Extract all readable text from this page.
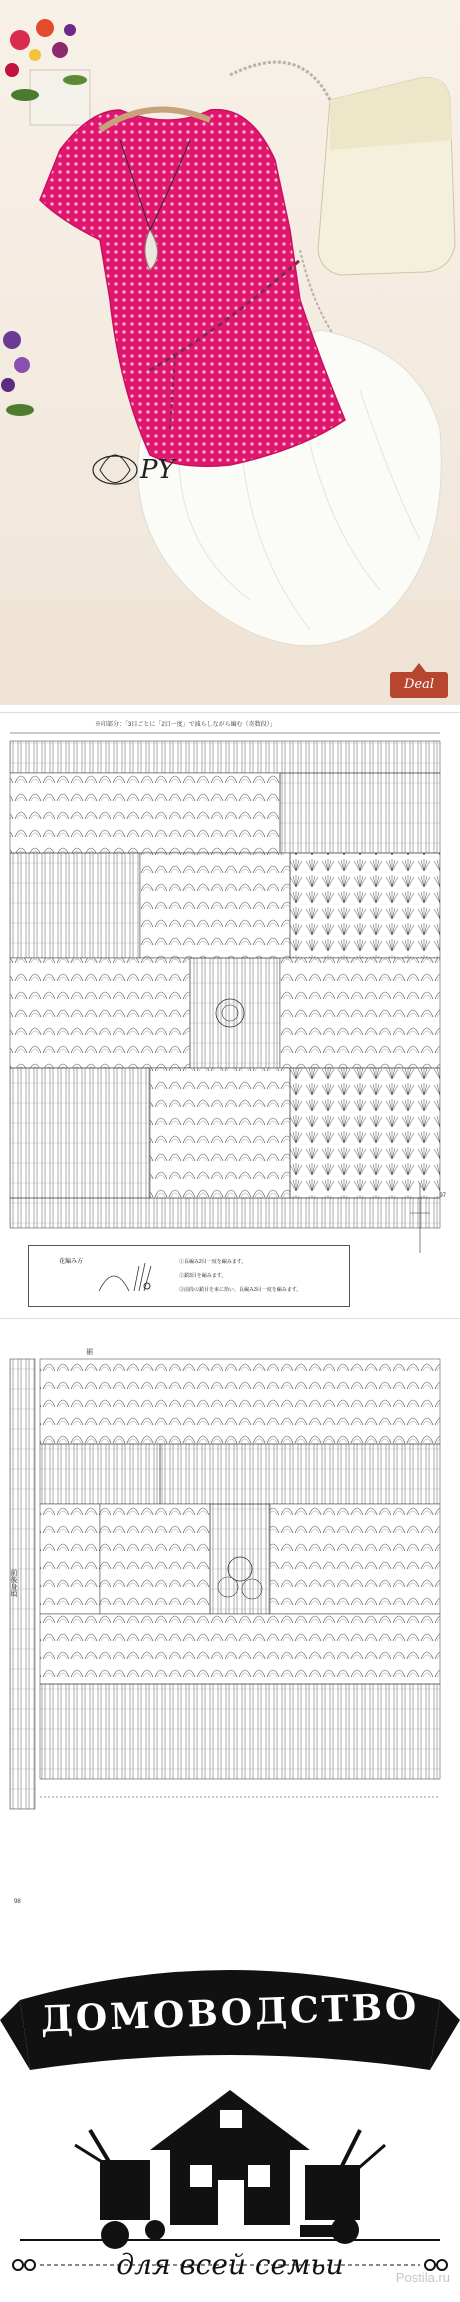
PY
Deal
※印部分：「3目ごとに「2目一度」で減らしながら編む（奇数段）」
97
花編み方	①長編み2目一度を編みます。
②鎖3目を編みます。
③前段の鎖目を束に拾い、長編み3目一度を編みます。
裾
前後身頃
98
ДОМОВОДСТВО
для всей семьи	Postila.ru
